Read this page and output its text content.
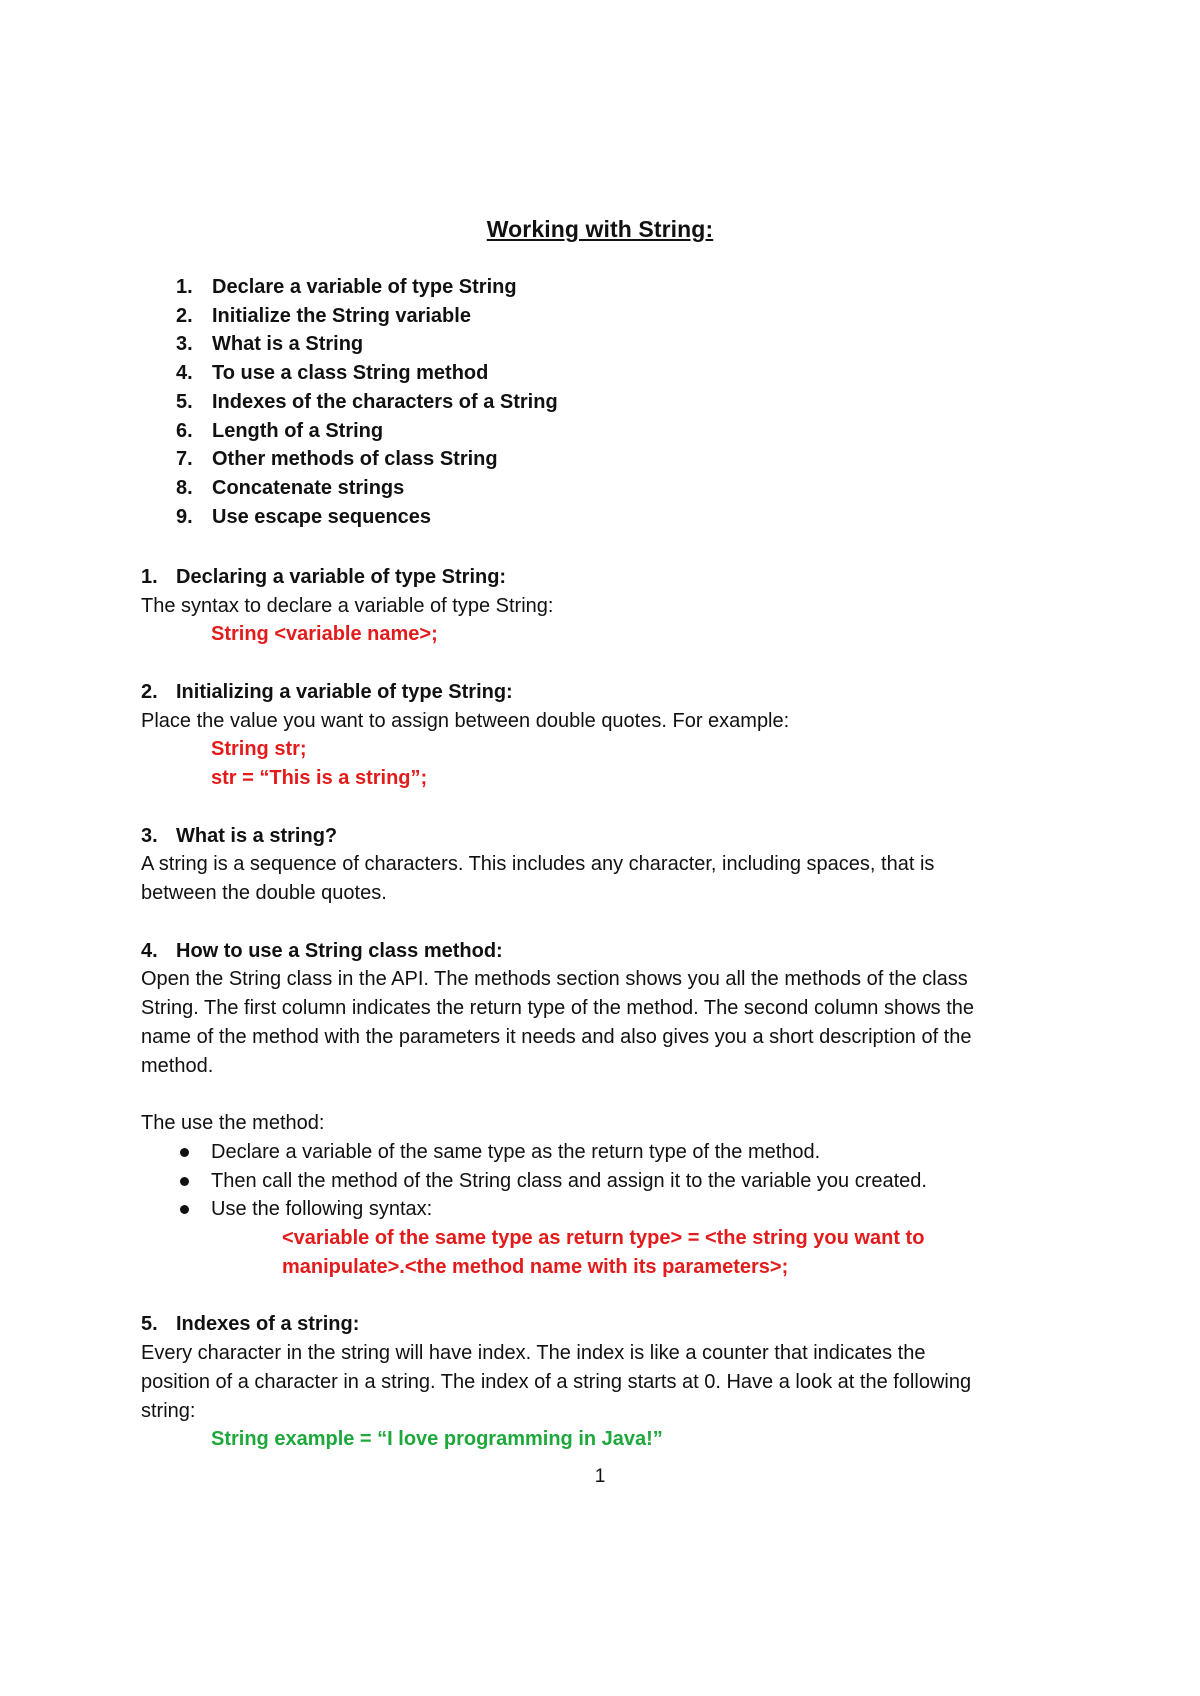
Working with String:
1. Declare a variable of type String
2. Initialize the String variable
3. What is a String
4. To use a class String method
5. Indexes of the characters of a String
6. Length of a String
7. Other methods of class String
8. Concatenate strings
9. Use escape sequences
1. Declaring a variable of type String:
The syntax to declare a variable of type String:
String <variable name>;
2. Initializing a variable of type String:
Place the value you want to assign between double quotes. For example:
String str;
str = “This is a string”;
3. What is a string?
A string is a sequence of characters. This includes any character, including spaces, that is
between the double quotes.
4. How to use a String class method:
Open the String class in the API. The methods section shows you all the methods of the class
String. The first column indicates the return type of the method. The second column shows the
name of the method with the parameters it needs and also gives you a short description of the
method.
The use the method:
Declare a variable of the same type as the return type of the method.
Then call the method of the String class and assign it to the variable you created.
Use the following syntax:
<variable of the same type as return type> = <the string you want to
manipulate>.<the method name with its parameters>;
5. Indexes of a string:
Every character in the string will have index. The index is like a counter that indicates the
position of a character in a string. The index of a string starts at 0. Have a look at the following
string:
String example = “I love programming in Java!”
1
